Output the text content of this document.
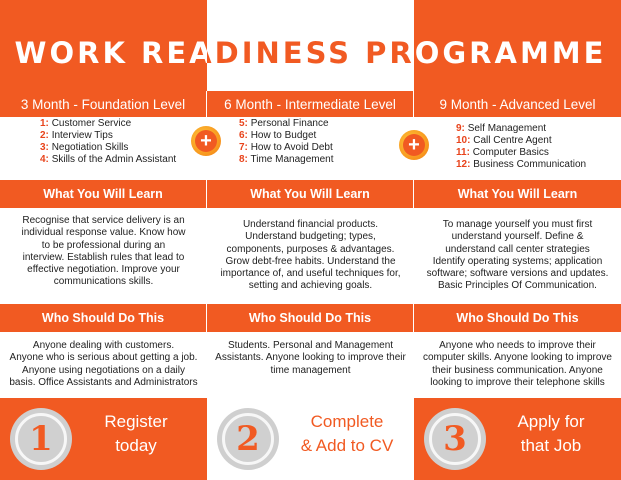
WORK READINESS PROGRAMME
3 Month - Foundation Level	6 Month - Intermediate Level	9 Month - Advanced Level
1: Customer Service
2: Interview Tips
3: Negotiation Skills
4: Skills of the Admin Assistant
5: Personal Finance
6: How to Budget
7: How to Avoid Debt
8: Time Management
9: Self Management
10: Call Centre Agent
11: Computer Basics
12: Business Communication
+	+
What You Will Learn	What You Will Learn	What You Will Learn
Recognise that service delivery is an
individual response value. Know how
to be professional during an
interview. Establish rules that lead to
effective negotiation. Improve your
communications skills.
Understand financial products.
Understand budgeting; types,
components, purposes & advantages.
Grow debt-free habits. Understand the
importance of, and useful techniques for,
setting and achieving goals.
To manage yourself you must first
understand yourself. Define &
understand call center strategies
Identify operating systems; application
software; software versions and updates.
Basic Principles Of Communication.
Who Should Do This	Who Should Do This	Who Should Do This
Anyone dealing with customers.
Anyone who is serious about getting a job.
Anyone using negotiations on a daily
basis. Office Assistants and Administrators
Students. Personal and Management
Assistants. Anyone looking to improve their
time management
Anyone who needs to improve their
computer skills. Anyone looking to improve
their business communication. Anyone
looking to improve their telephone skills
1	Register
today	2	Complete
& Add to CV	3	Apply for
that Job
